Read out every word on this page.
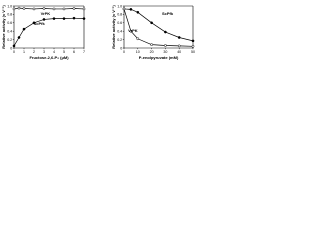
0 1 2 3 4 5 6 7
0
0.2
0.4
0.6
0.8
1.0
Fructose-2,6-P₂ (μM)
Relative activity (v V⁻¹)	VrPK
ScPfk
0	10	20	30	40	50
0
0.2
0.4
0.6
0.8
1.0
P-enolpyruvate (mM)
Relative activity (v V⁻¹)	ScPfk
VrPK
